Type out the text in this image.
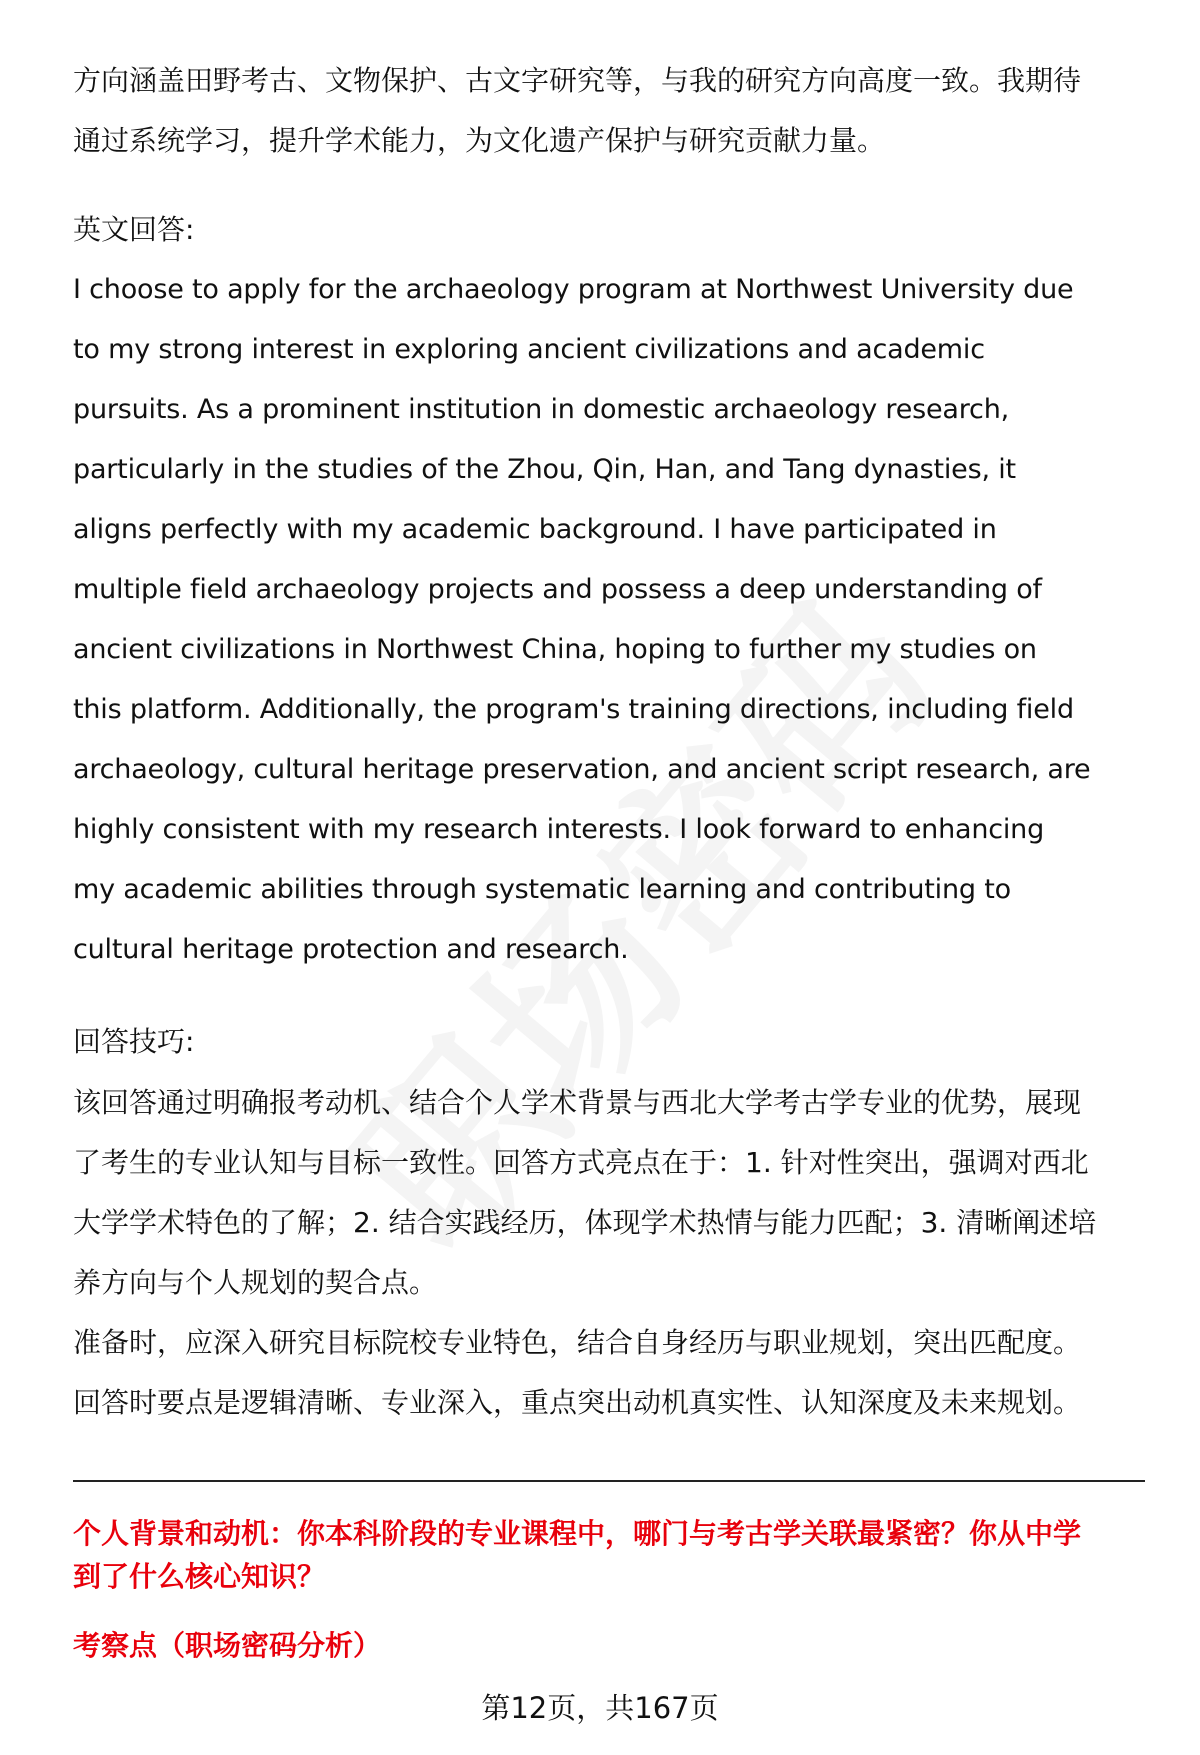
方向涵盖田野考古、文物保护、古文字研究等，与我的研究方向高度一致。我期待
通过系统学习，提升学术能力，为文化遗产保护与研究贡献力量。
英文回答:
I choose to apply for the archaeology program at Northwest University due
to my strong interest in exploring ancient civilizations and academic
pursuits. As a prominent institution in domestic archaeology research,
particularly in the studies of the Zhou, Qin, Han, and Tang dynasties, it
aligns perfectly with my academic background. I have participated in
multiple field archaeology projects and possess a deep understanding of
ancient civilizations in Northwest China, hoping to further my studies on
this platform. Additionally, the program's training directions, including field
archaeology, cultural heritage preservation, and ancient script research, are
highly consistent with my research interests. I look forward to enhancing
my academic abilities through systematic learning and contributing to
cultural heritage protection and research.
回答技巧:
该回答通过明确报考动机、结合个人学术背景与西北大学考古学专业的优势，展现
了考生的专业认知与目标一致性。回答方式亮点在于：1. 针对性突出，强调对西北
大学学术特色的了解；2. 结合实践经历，体现学术热情与能力匹配；3. 清晰阐述培
养方向与个人规划的契合点。
准备时，应深入研究目标院校专业特色，结合自身经历与职业规划，突出匹配度。
回答时要点是逻辑清晰、专业深入，重点突出动机真实性、认知深度及未来规划。
个人背景和动机：你本科阶段的专业课程中，哪门与考古学关联最紧密？你从中学
到了什么核心知识？
考察点（职场密码分析）
第12页，共167页
